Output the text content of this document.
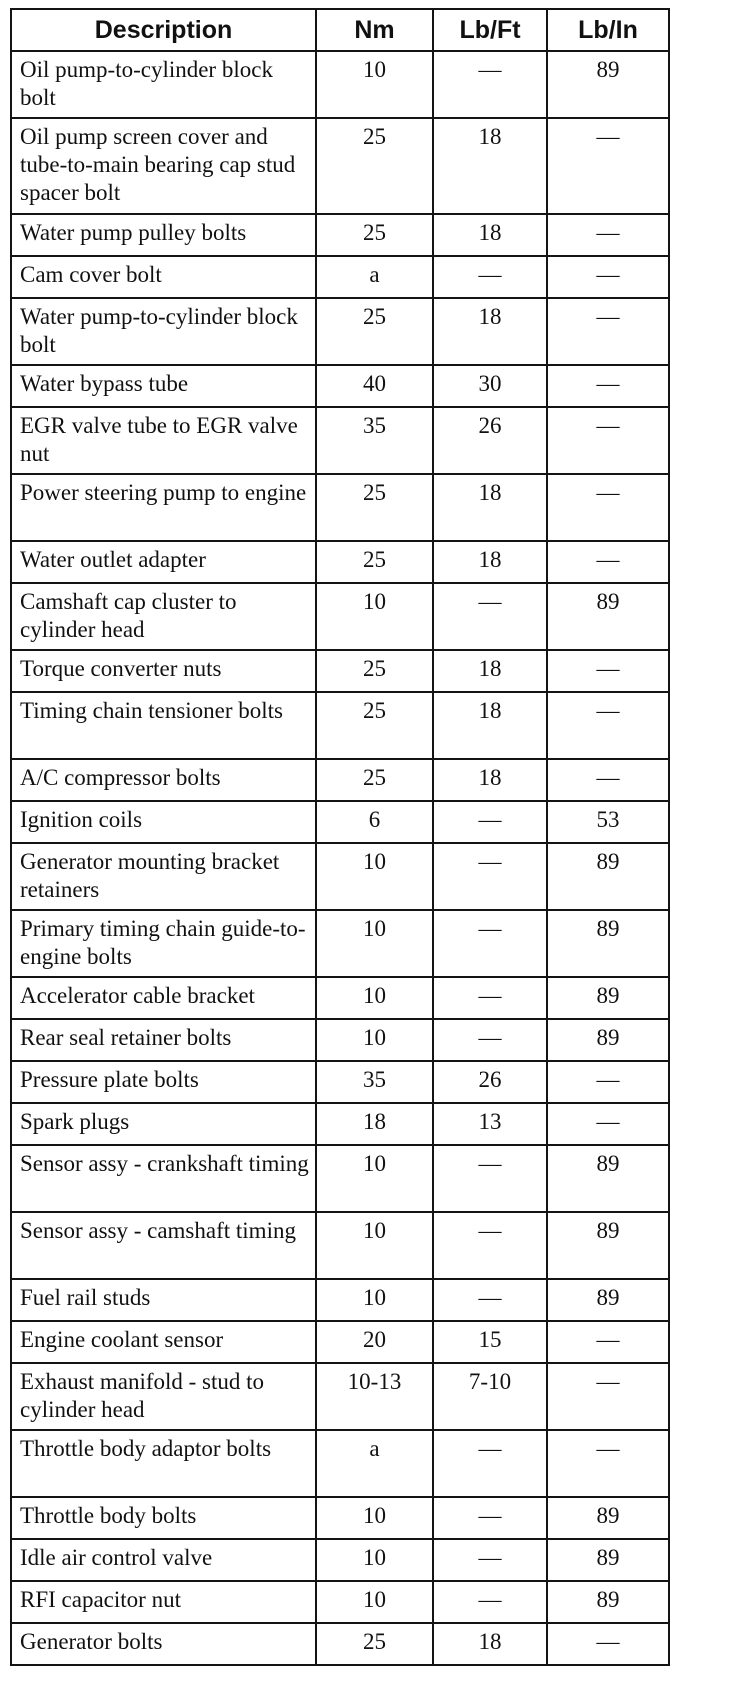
Description	Nm	Lb/Ft	Lb/In
Oil pump-to-cylinder block bolt	10	—	89
Oil pump screen cover and tube-to-main bearing cap stud spacer bolt	25	18	—
Water pump pulley bolts	25	18	—
Cam cover bolt	a	—	—
Water pump-to-cylinder block bolt	25	18	—
Water bypass tube	40	30	—
EGR valve tube to EGR valve nut	35	26	—
Power steering pump to engine	25	18	—
Water outlet adapter	25	18	—
Camshaft cap cluster to cylinder head	10	—	89
Torque converter nuts	25	18	—
Timing chain tensioner bolts	25	18	—
A/C compressor bolts	25	18	—
Ignition coils	6	—	53
Generator mounting bracket retainers	10	—	89
Primary timing chain guide-to-engine bolts	10	—	89
Accelerator cable bracket	10	—	89
Rear seal retainer bolts	10	—	89
Pressure plate bolts	35	26	—
Spark plugs	18	13	—
Sensor assy - crankshaft timing	10	—	89
Sensor assy - camshaft timing	10	—	89
Fuel rail studs	10	—	89
Engine coolant sensor	20	15	—
Exhaust manifold - stud to cylinder head	10-13	7-10	—
Throttle body adaptor bolts	a	—	—
Throttle body bolts	10	—	89
Idle air control valve	10	—	89
RFI capacitor nut	10	—	89
Generator bolts	25	18	—
